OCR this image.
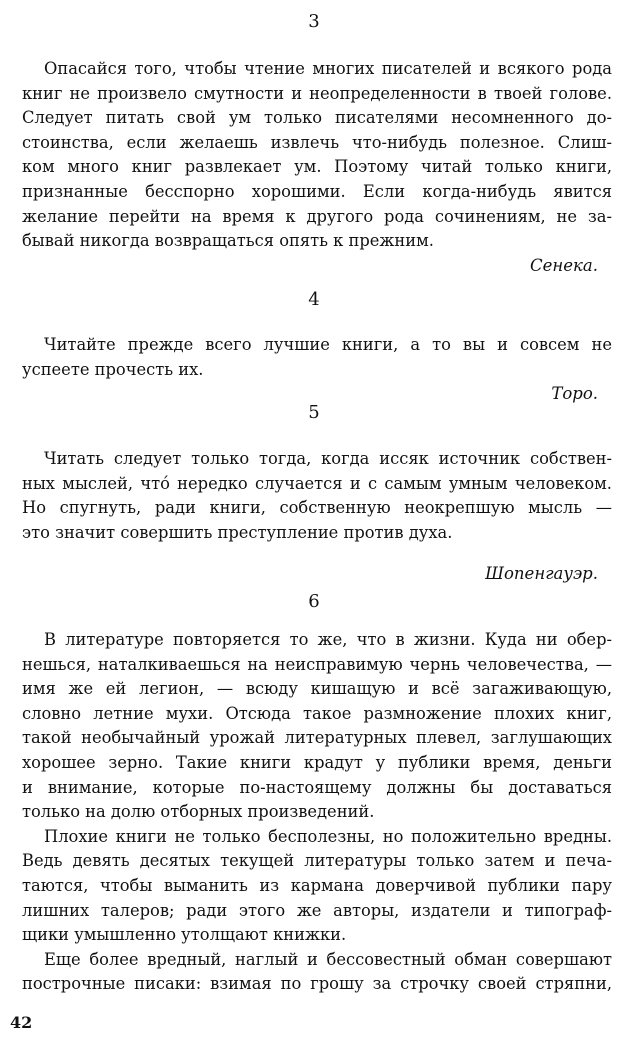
3
Опасайся того, чтобы чтение многих писателей и всякого рода
книг не произвело смутности и неопределенности в твоей голове.
Следует питать свой ум только писателями несомненного до-
стоинства, если желаешь извлечь что-нибудь полезное. Слиш-
ком много книг развлекает ум. Поэтому читай только книги,
признанные бесспорно хорошими. Если когда-нибудь явится
желание перейти на время к другого рода сочинениям, не за-
бывай никогда возвращаться опять к прежним.
Сенека.
4
Читайте прежде всего лучшие книги, а то вы и совсем не
успеете прочесть их.
Торо.
5
Читать следует только тогда, когда иссяк источник собствен-
ных мыслей, что́ нередко случается и с самым умным человеком.
Но спугнуть, ради книги, собственную неокрепшую мысль —
это значит совершить преступление против духа.
Шопенгауэр.
6
В литературе повторяется то же, что в жизни. Куда ни обер-
нешься, наталкиваешься на неисправимую чернь человечества, —
имя же ей легион, — всюду кишащую и всё загаживающую,
словно летние мухи. Отсюда такое размножение плохих книг,
такой необычайный урожай литературных плевел, заглушающих
хорошее зерно. Такие книги крадут у публики время, деньги
и внимание, которые по-настоящему должны бы доставаться
только на долю отборных произведений.
Плохие книги не только бесполезны, но положительно вредны.
Ведь девять десятых текущей литературы только затем и печа-
таются, чтобы выманить из кармана доверчивой публики пару
лишних талеров; ради этого же авторы, издатели и типограф-
щики умышленно утолщают книжки.
Еще более вредный, наглый и бессовестный обман совершают
построчные писаки: взимая по грошу за строчку своей стряпни,
42
